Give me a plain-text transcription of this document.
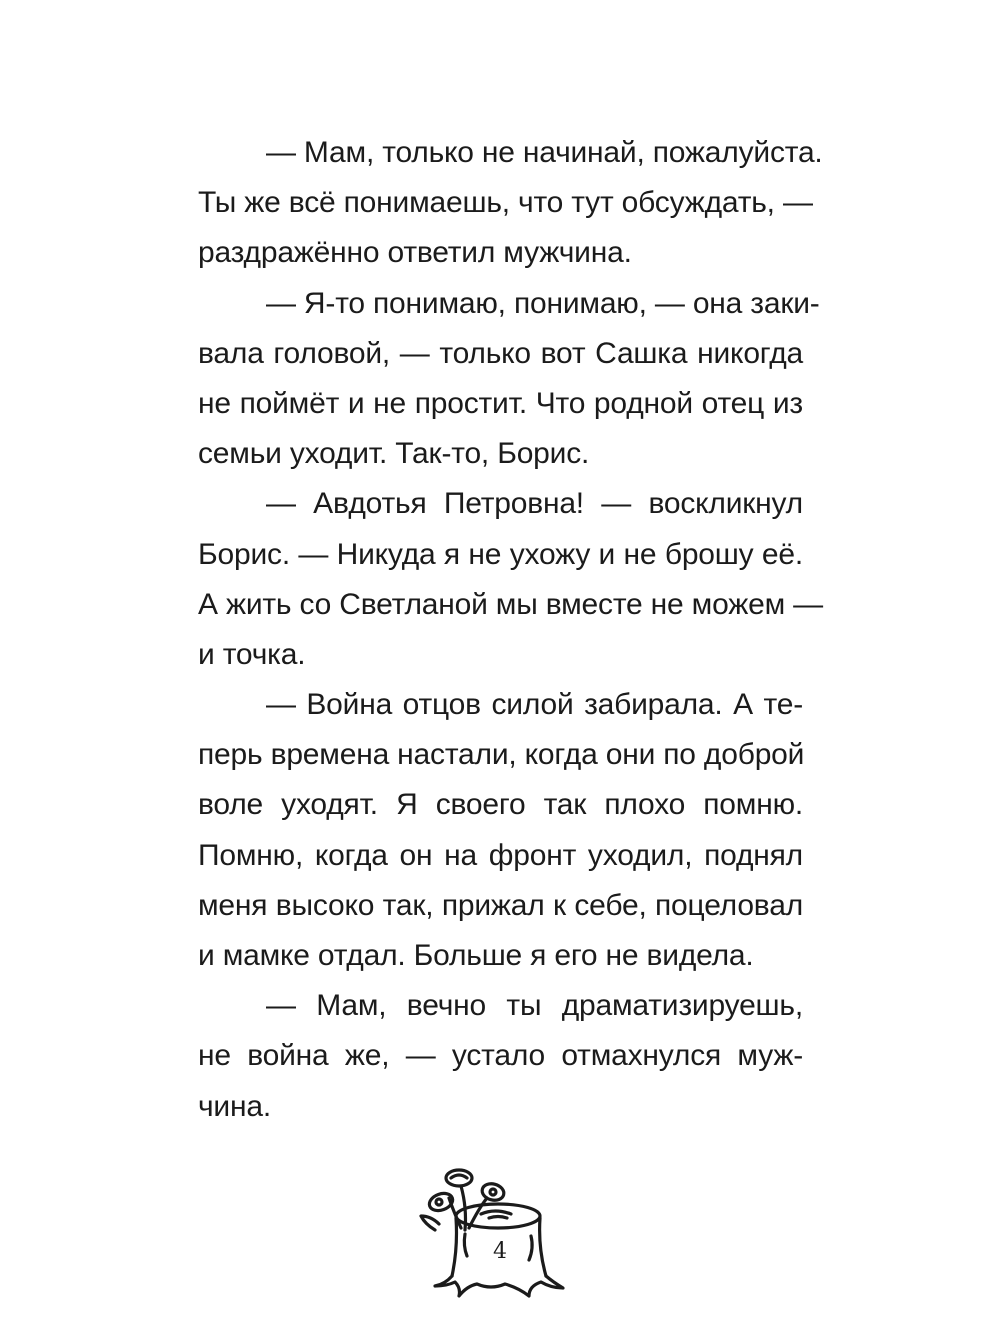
— Мам, только не начинай, пожалуйста.
Ты же всё понимаешь, что тут обсуждать, —
раздражённо ответил мужчина.
— Я-то понимаю, понимаю, — она заки-
вала головой, — только вот Сашка никогда
не поймёт и не простит. Что родной отец из
семьи уходит. Так-то, Борис.
— Авдотья Петровна! — воскликнул
Борис. — Никуда я не ухожу и не брошу её.
А жить со Светланой мы вместе не можем —
и точка.
— Война отцов силой забирала. А те-
перь времена настали, когда они по доброй
воле уходят. Я своего так плохо помню.
Помню, когда он на фронт уходил, поднял
меня высоко так, прижал к себе, поцеловал
и мамке отдал. Больше я его не видела.
— Мам, вечно ты драматизируешь,
не война же, — устало отмахнулся муж-
чина.
4
